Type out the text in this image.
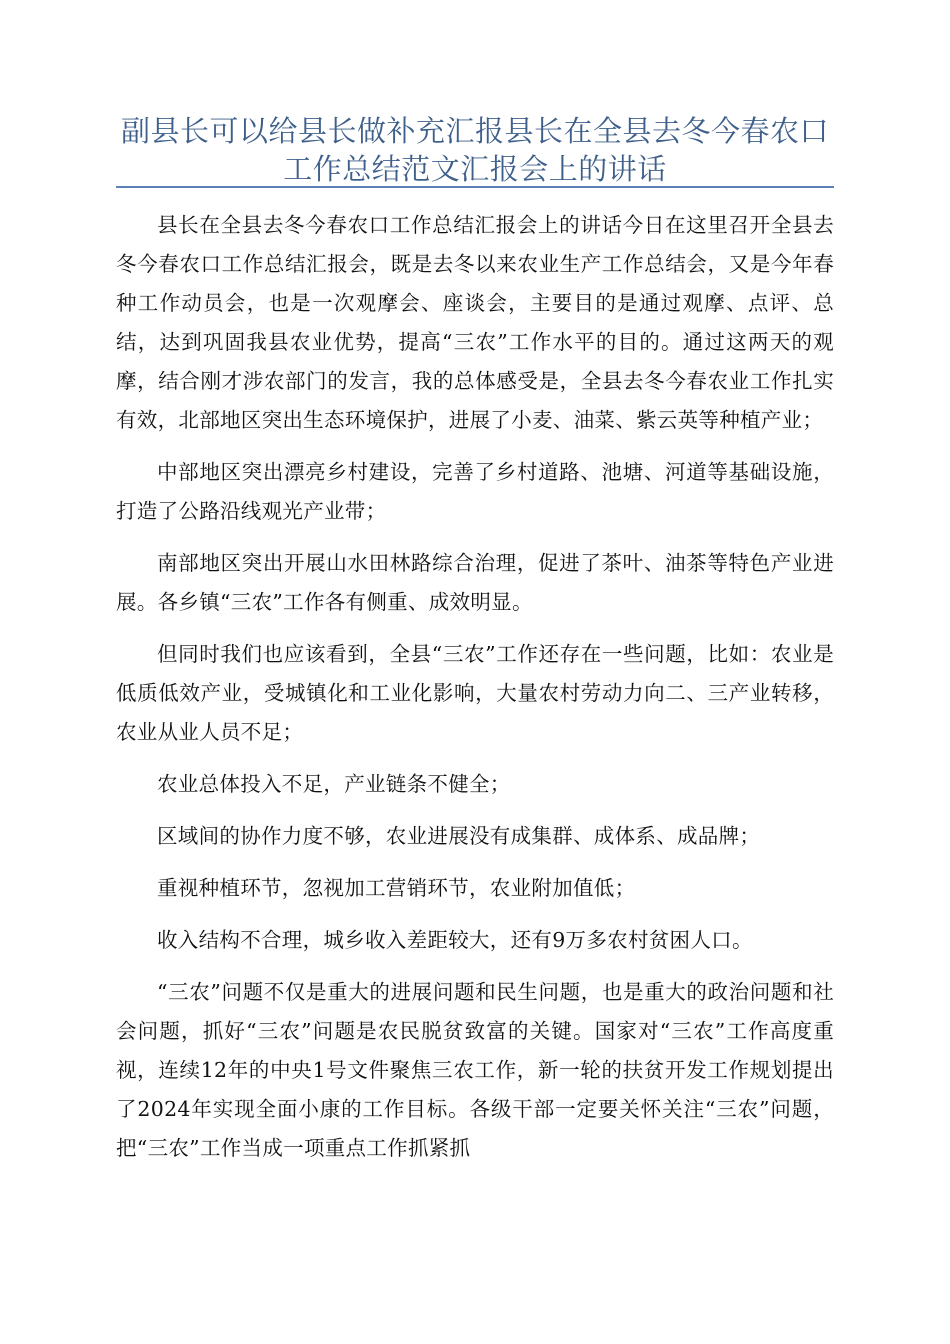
副县长可以给县长做补充汇报县长在全县去冬今春农口工作总结范文汇报会上的讲话

县长在全县去冬今春农口工作总结汇报会上的讲话今日在这里召开全县去冬今春农口工作总结汇报会，既是去冬以来农业生产工作总结会，又是今年春种工作动员会，也是一次观摩会、座谈会，主要目的是通过观摩、点评、总结，达到巩固我县农业优势，提高“三农”工作水平的目的。通过这两天的观摩，结合刚才涉农部门的发言，我的总体感受是，全县去冬今春农业工作扎实有效，北部地区突出生态环境保护，进展了小麦、油菜、紫云英等种植产业；

中部地区突出漂亮乡村建设，完善了乡村道路、池塘、河道等基础设施，打造了公路沿线观光产业带；

南部地区突出开展山水田林路综合治理，促进了茶叶、油茶等特色产业进展。各乡镇“三农”工作各有侧重、成效明显。

但同时我们也应该看到，全县“三农”工作还存在一些问题，比如：农业是低质低效产业，受城镇化和工业化影响，大量农村劳动力向二、三产业转移，农业从业人员不足；

农业总体投入不足，产业链条不健全；

区域间的协作力度不够，农业进展没有成集群、成体系、成品牌；

重视种植环节，忽视加工营销环节，农业附加值低；

收入结构不合理，城乡收入差距较大，还有9万多农村贫困人口。

“三农”问题不仅是重大的进展问题和民生问题，也是重大的政治问题和社会问题，抓好“三农”问题是农民脱贫致富的关键。国家对“三农”工作高度重视，连续12年的中央1号文件聚焦三农工作，新一轮的扶贫开发工作规划提出了2024年实现全面小康的工作目标。各级干部一定要关怀关注“三农”问题，把“三农”工作当成一项重点工作抓紧抓
